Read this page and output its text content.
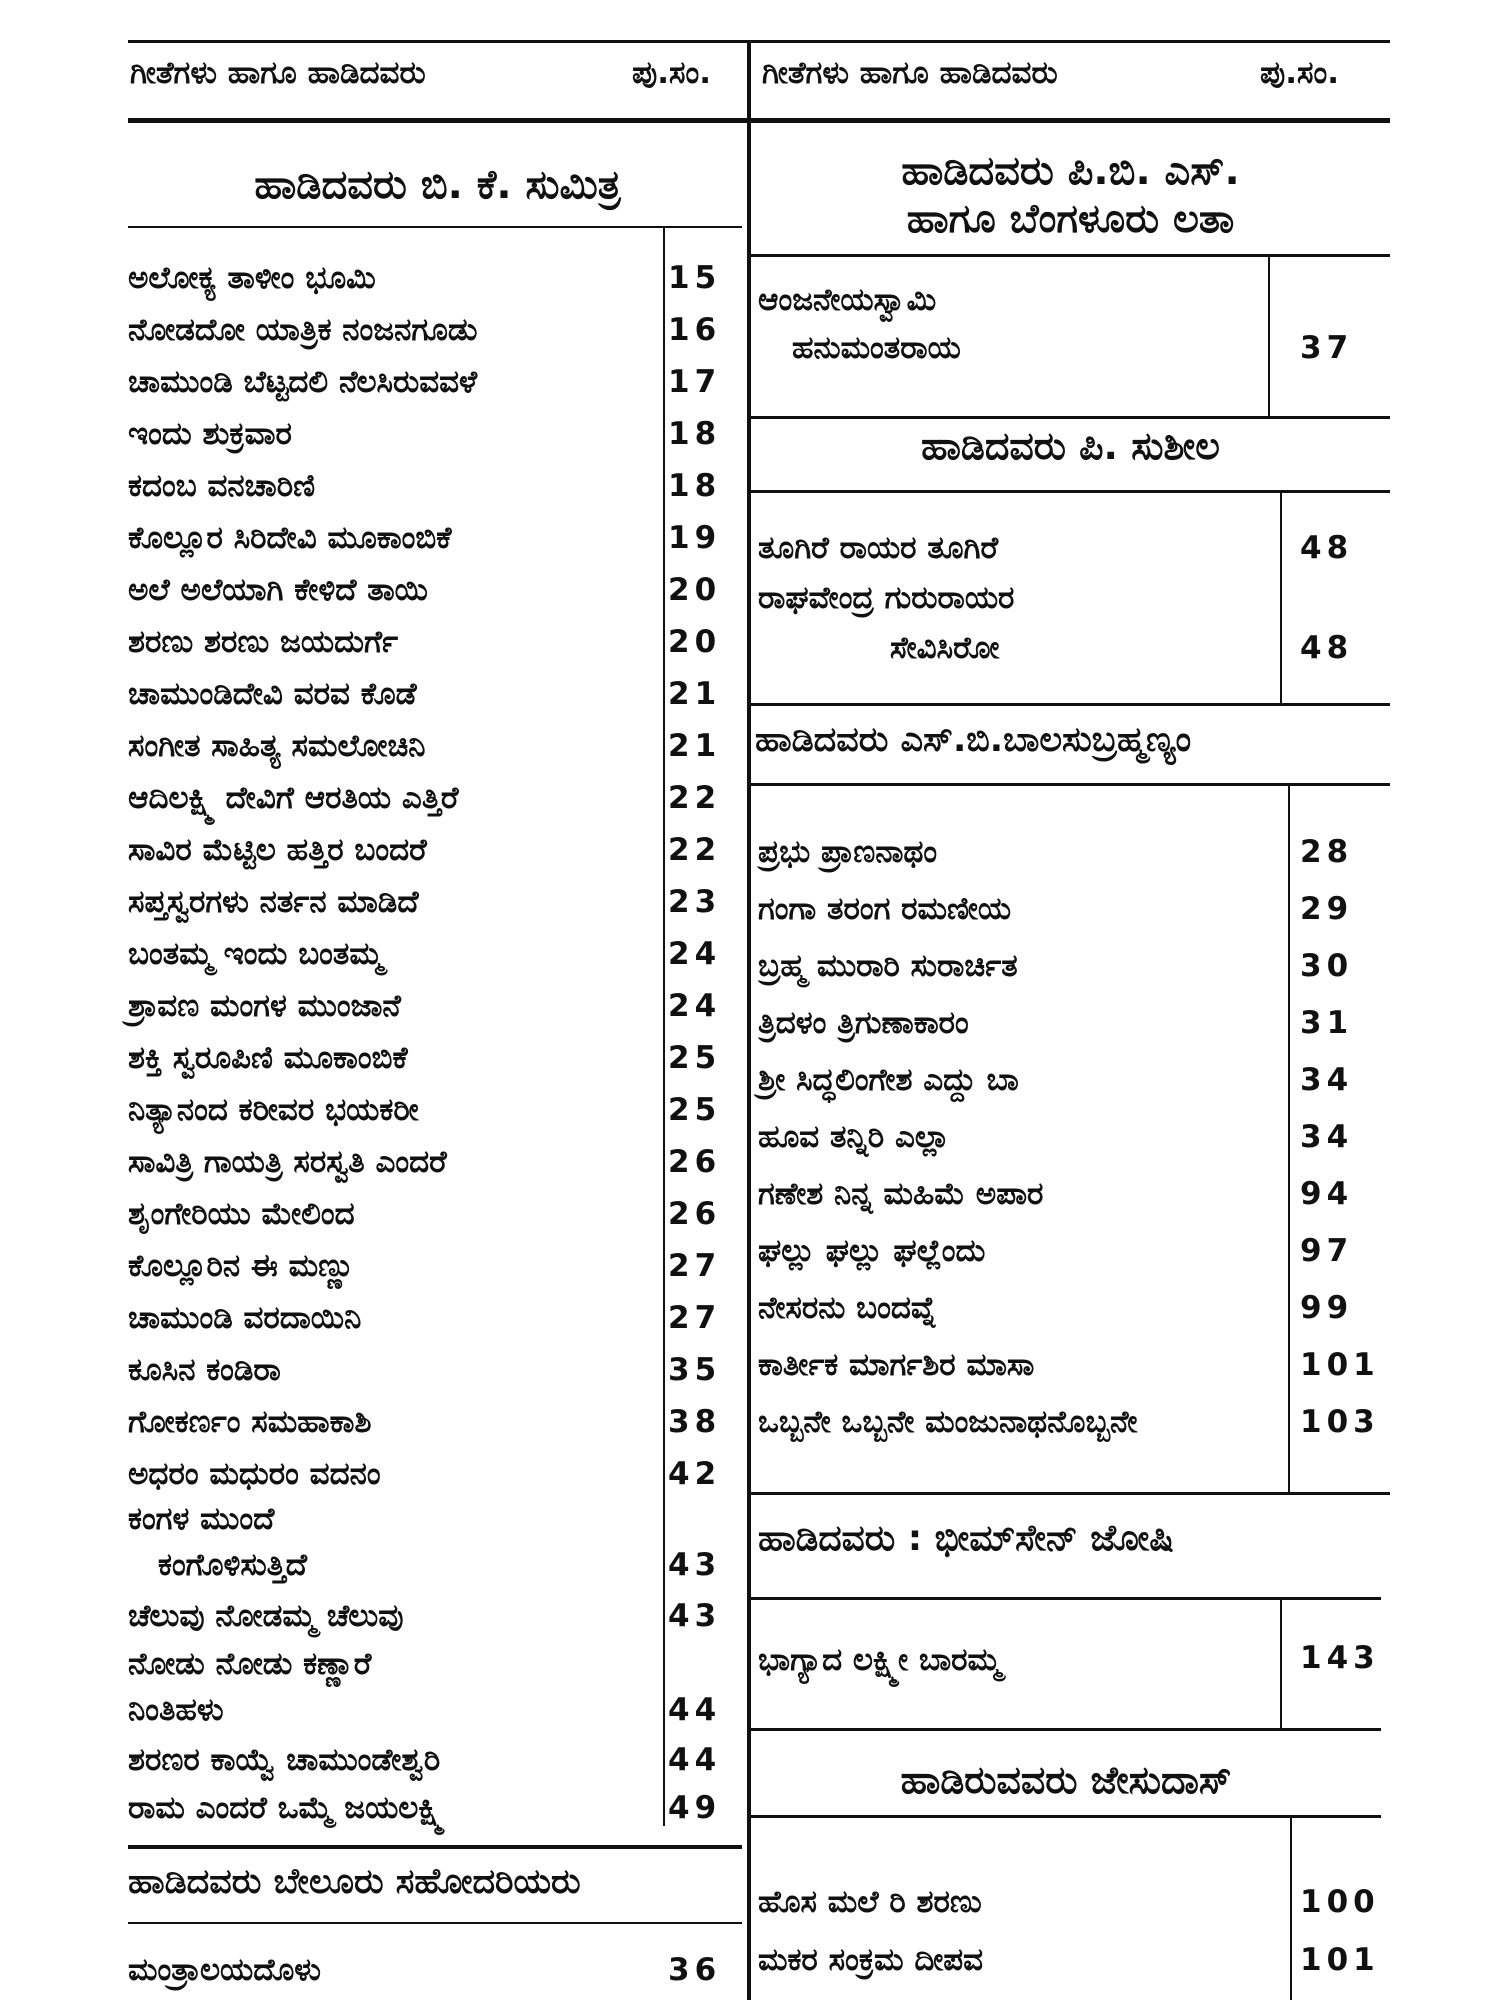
ಗೀತೆಗಳು ಹಾಗೂ ಹಾಡಿದವರು	ಪು.ಸಂ. ಗೀತೆಗಳು ಹಾಗೂ ಹಾಡಿದವರು	ಪು.ಸಂ.
ಹಾಡಿದವರು ಬಿ. ಕೆ. ಸುಮಿತ್ರ
ಅಲೋಕ್ಯ ತಾಳೀಂ ಭೂಮಿ	15
ನೋಡದೋ ಯಾತ್ರಿಕ ನಂಜನಗೂಡು	16
ಚಾಮುಂಡಿ ಬೆಟ್ಟದಲಿ ನೆಲಸಿರುವವಳೆ	17
ಇಂದು ಶುಕ್ರವಾರ	18
ಕದಂಬ ವನಚಾರಿಣಿ	18
ಕೊಲ್ಲೂರ ಸಿರಿದೇವಿ ಮೂಕಾಂಬಿಕೆ	19
ಅಲೆ ಅಲೆಯಾಗಿ ಕೇಳಿದೆ ತಾಯಿ	20
ಶರಣು ಶರಣು ಜಯದುರ್ಗೆ	20
ಚಾಮುಂಡಿದೇವಿ ವರವ ಕೊಡೆ	21
ಸಂಗೀತ ಸಾಹಿತ್ಯ ಸಮಲೋಚಿನಿ	21
ಆದಿಲಕ್ಷ್ಮಿ ದೇವಿಗೆ ಆರತಿಯ ಎತ್ತಿರೆ	22
ಸಾವಿರ ಮೆಟ್ಟಿಲ ಹತ್ತಿರ ಬಂದರೆ	22
ಸಪ್ತಸ್ವರಗಳು ನರ್ತನ ಮಾಡಿದೆ	23
ಬಂತಮ್ಮ ಇಂದು ಬಂತಮ್ಮ	24
ಶ್ರಾವಣ ಮಂಗಳ ಮುಂಜಾನೆ	24
ಶಕ್ತಿ ಸ್ವರೂಪಿಣಿ ಮೂಕಾಂಬಿಕೆ	25
ನಿತ್ಯಾನಂದ ಕರೀವರ ಭಯಕರೀ	25
ಸಾವಿತ್ರಿ ಗಾಯತ್ರಿ ಸರಸ್ವತಿ ಎಂದರೆ	26
ಶೃಂಗೇರಿಯು ಮೇಲಿಂದ	26
ಕೊಲ್ಲೂರಿನ ಈ ಮಣ್ಣು	27
ಚಾಮುಂಡಿ ವರದಾಯಿನಿ	27
ಕೂಸಿನ ಕಂಡಿರಾ	35
ಗೋಕರ್ಣಂ ಸಮಹಾಕಾಶಿ	38
ಅಧರಂ ಮಧುರಂ ವದನಂ	42
ಕಂಗಳ ಮುಂದೆ
ಕಂಗೊಳಿಸುತ್ತಿದೆ	43
ಚೆಲುವು ನೋಡಮ್ಮ ಚೆಲುವು	43
ನೋಡು ನೋಡು ಕಣ್ಣಾರೆ
ನಿಂತಿಹಳು	44
ಶರಣರ ಕಾಯ್ವೆ ಚಾಮುಂಡೇಶ್ವರಿ	44
ರಾಮ ಎಂದರೆ ಒಮ್ಮೆ ಜಯಲಕ್ಷ್ಮಿ	49
ಹಾಡಿದವರು ಬೇಲೂರು ಸಹೋದರಿಯರು
ಮಂತ್ರಾಲಯದೊಳು	36
ಹಾಡಿದವರು ಪಿ.ಬಿ. ಎಸ್.
ಹಾಗೂ ಬೆಂಗಳೂರು ಲತಾ
ಆಂಜನೇಯಸ್ವಾಮಿ
ಹನುಮಂತರಾಯ	37
ಹಾಡಿದವರು ಪಿ. ಸುಶೀಲ
ತೂಗಿರೆ ರಾಯರ ತೂಗಿರೆ	48
ರಾಘವೇಂದ್ರ ಗುರುರಾಯರ
ಸೇವಿಸಿರೋ	48
ಹಾಡಿದವರು ಎಸ್.ಬಿ.ಬಾಲಸುಬ್ರಹ್ಮಣ್ಯಂ
ಪ್ರಭು ಪ್ರಾಣನಾಥಂ	28
ಗಂಗಾ ತರಂಗ ರಮಣೀಯ	29
ಬ್ರಹ್ಮ ಮುರಾರಿ ಸುರಾರ್ಚಿತ	30
ತ್ರಿದಳಂ ತ್ರಿಗುಣಾಕಾರಂ	31
ಶ್ರೀ ಸಿದ್ಧಲಿಂಗೇಶ ಎದ್ದು ಬಾ	34
ಹೂವ ತನ್ನಿರಿ ಎಲ್ಲಾ	34
ಗಣೇಶ ನಿನ್ನ ಮಹಿಮೆ ಅಪಾರ	94
ಘಲ್ಲು ಘಲ್ಲು ಘಲ್ಲೆಂದು	97
ನೇಸರನು ಬಂದವ್ನೆ	99
ಕಾರ್ತೀಕ ಮಾರ್ಗಶಿರ ಮಾಸಾ	101
ಒಬ್ಬನೇ ಒಬ್ಬನೇ ಮಂಜುನಾಥನೊಬ್ಬನೇ	103
ಹಾಡಿದವರು : ಭೀಮ್‌ಸೇನ್ ಜೋಷಿ
ಭಾಗ್ಯಾದ ಲಕ್ಷ್ಮೀ ಬಾರಮ್ಮ	143
ಹಾಡಿರುವವರು ಜೇಸುದಾಸ್
ಹೊಸ ಮಲೆ ರಿ ಶರಣು	100
ಮಕರ ಸಂಕ್ರಮ ದೀಪವ	101
